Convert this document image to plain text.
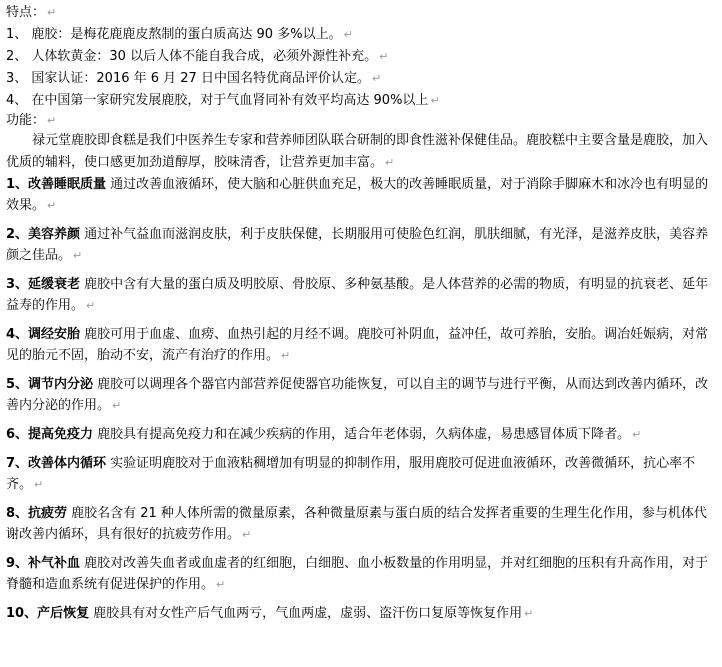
特点： ↵
1、 鹿胶：是梅花鹿鹿皮熬制的蛋白质高达 90 多%以上。 ↵
2、 人体软黄金：30 以后人体不能自我合成，必须外源性补充。 ↵
3、 国家认证：2016 年 6 月 27 日中国名特优商品评价认定。 ↵
4、 在中国第一家研究发展鹿胶，对于气血肾同补有效平均高达 90%以上 ↵
功能： ↵
禄元堂鹿胶即食糕是我们中医养生专家和营养师团队联合研制的即食性滋补保健佳品。鹿胶糕中主要含量是鹿胶，加入优质的辅料，使口感更加劲道醇厚，胶味清香，让营养更加丰富。 ↵
1、改善睡眠质量 通过改善血液循环，使大脑和心脏供血充足，极大的改善睡眠质量，对于消除手脚麻木和冰冷也有明显的效果。 ↵
2、美容养颜 通过补气益血而滋润皮肤，利于皮肤保健，长期服用可使脸色红润，肌肤细腻，有光泽，是滋养皮肤，美容养颜之佳品。 ↵
3、延缓衰老 鹿胶中含有大量的蛋白质及明胶原、骨胶原、多种氨基酸。是人体营养的必需的物质，有明显的抗衰老、延年益寿的作用。 ↵
4、调经安胎 鹿胶可用于血虚、血痨、血热引起的月经不调。鹿胶可补阴血，益冲任，故可养胎，安胎。调冶妊娠病，对常见的胎元不固，胎动不安，流产有治疗的作用。 ↵
5、调节内分泌 鹿胶可以调理各个器官内部营养促使器官功能恢复，可以自主的调节与进行平衡，从而达到改善内循环，改善内分泌的作用。 ↵
6、提高免疫力 鹿胶具有提高免疫力和在减少疾病的作用，适合年老体弱，久病体虚，易患感冒体质下降者。 ↵
7、改善体内循环 实验证明鹿胶对于血液粘稠增加有明显的抑制作用，服用鹿胶可促进血液循环，改善微循环，抗心率不齐。 ↵
8、抗疲劳 鹿胶名含有 21 种人体所需的微量原素，各种微量原素与蛋白质的结合发挥者重要的生理生化作用，参与机体代谢改善内循环，具有很好的抗疲劳作用。 ↵
9、补气补血 鹿胶对改善失血者或血虚者的红细胞，白细胞、血小板数量的作用明显，并对红细胞的压积有升高作用，对于脊髓和造血系统有促进保护的作用。 ↵
10、产后恢复 鹿胶具有对女性产后气血两亏，气血两虚，虚弱、盗汗伤口复原等恢复作用 ↵
